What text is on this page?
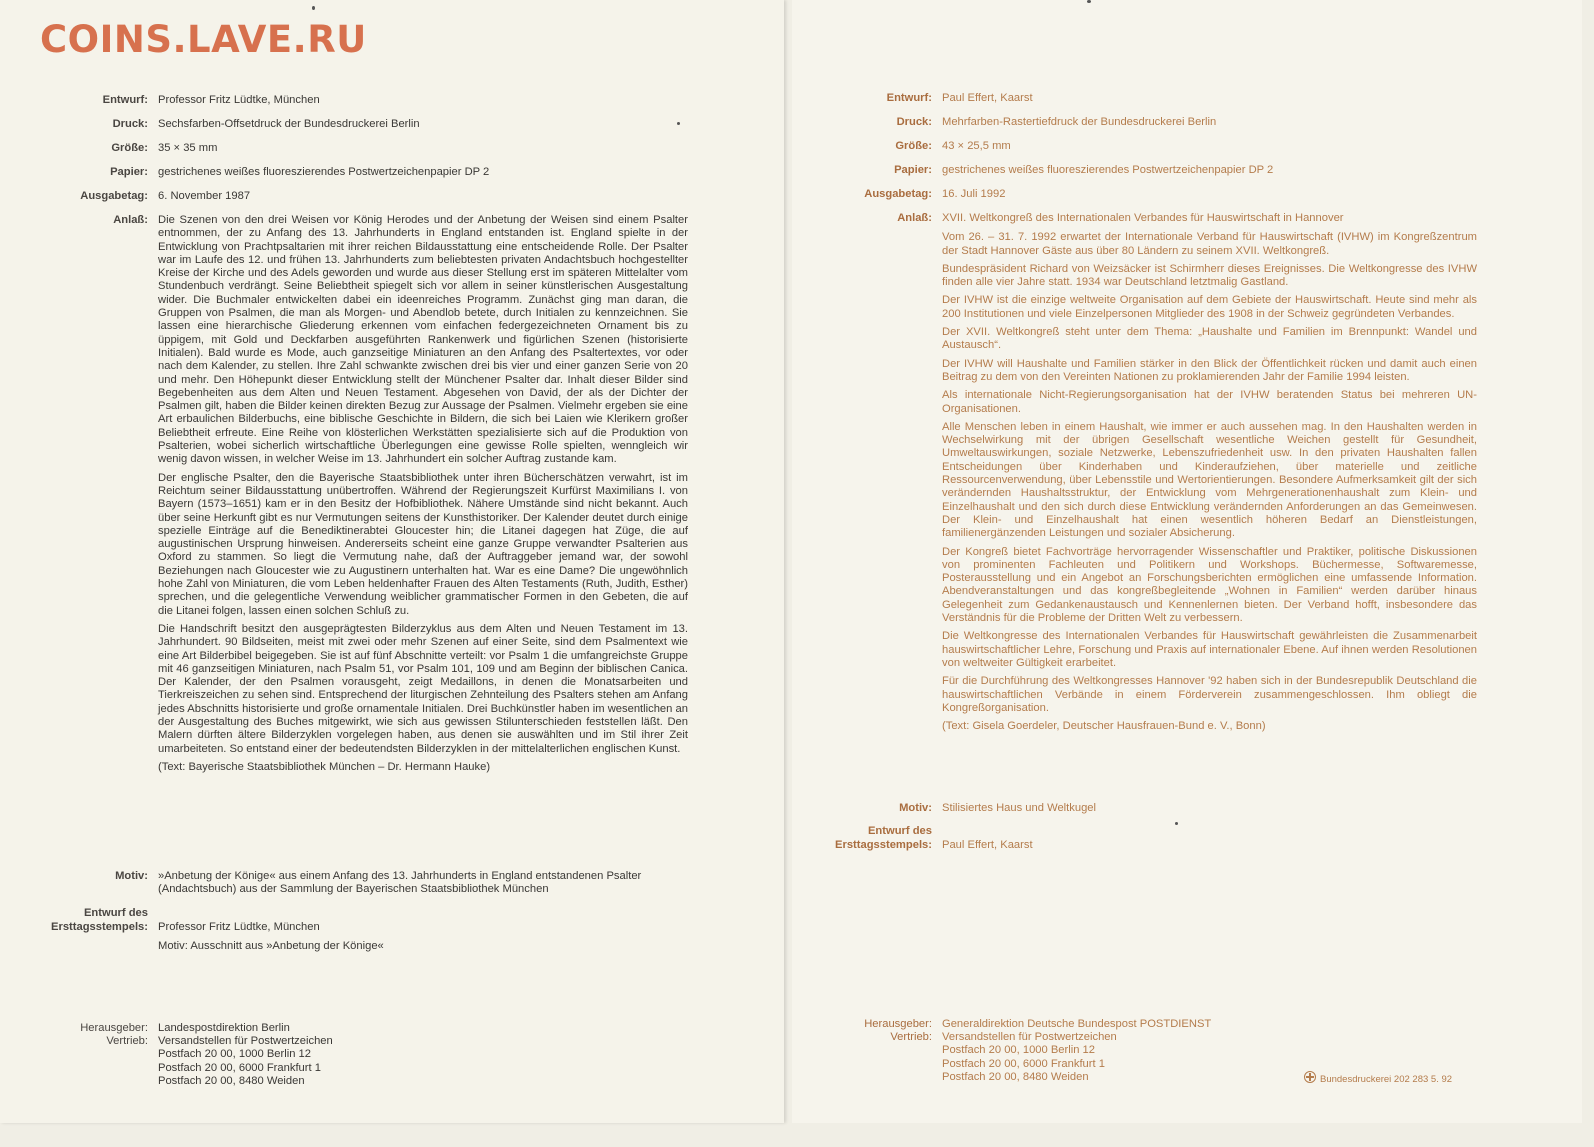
COINS.LAVE.RU
Entwurf: Professor Fritz Lüdtke, München
Druck: Sechsfarben-Offsetdruck der Bundesdruckerei Berlin
Größe: 35 × 35 mm
Papier: gestrichenes weißes fluoreszierendes Postwertzeichenpapier DP 2
Ausgabetag: 6. November 1987
Anlaß: Die Szenen von den drei Weisen vor König Herodes und der Anbetung der Weisen sind einem Psalter entnommen, der zu Anfang des 13. Jahrhunderts in England entstanden ist. England spielte in der Entwicklung von Prachtpsaltarien mit ihrer reichen Bildausstattung eine entscheidende Rolle. Der Psalter war im Laufe des 12. und frühen 13. Jahrhunderts zum beliebtesten privaten Andachtsbuch hochgestellter Kreise der Kirche und des Adels geworden und wurde aus dieser Stellung erst im späteren Mittelalter vom Stundenbuch verdrängt. Seine Beliebtheit spiegelt sich vor allem in seiner künstlerischen Ausgestaltung wider. Die Buchmaler entwickelten dabei ein ideenreiches Programm. Zunächst ging man daran, die Gruppen von Psalmen, die man als Morgen- und Abendlob betete, durch Initialen zu kennzeichnen. Sie lassen eine hierarchische Gliederung erkennen vom einfachen federgezeichneten Ornament bis zu üppigem, mit Gold und Deckfarben ausgeführten Rankenwerk und figürlichen Szenen (historisierte Initialen). Bald wurde es Mode, auch ganzseitige Miniaturen an den Anfang des Psaltertextes, vor oder nach dem Kalender, zu stellen. Ihre Zahl schwankte zwischen drei bis vier und einer ganzen Serie von 20 und mehr. Den Höhepunkt dieser Entwicklung stellt der Münchener Psalter dar. Inhalt dieser Bilder sind Begebenheiten aus dem Alten und Neuen Testament. Abgesehen von David, der als der Dichter der Psalmen gilt, haben die Bilder keinen direkten Bezug zur Aussage der Psalmen. Vielmehr ergeben sie eine Art erbaulichen Bilderbuchs, eine biblische Geschichte in Bildern, die sich bei Laien wie Klerikern großer Beliebtheit erfreute. Eine Reihe von klösterlichen Werkstätten spezialisierte sich auf die Produktion von Psalterien, wobei sicherlich wirtschaftliche Überlegungen eine gewisse Rolle spielten, wenngleich wir wenig davon wissen, in welcher Weise im 13. Jahrhundert ein solcher Auftrag zustande kam.

Der englische Psalter, den die Bayerische Staatsbibliothek unter ihren Bücherschätzen verwahrt, ist im Reichtum seiner Bildausstattung unübertroffen. Während der Regierungszeit Kurfürst Maximilians I. von Bayern (1573–1651) kam er in den Besitz der Hofbibliothek. Nähere Umstände sind nicht bekannt. Auch über seine Herkunft gibt es nur Vermutungen seitens der Kunsthistoriker. Der Kalender deutet durch einige spezielle Einträge auf die Benediktinerabtei Gloucester hin; die Litanei dagegen hat Züge, die auf augustinischen Ursprung hinweisen. Andererseits scheint eine ganze Gruppe verwandter Psalterien aus Oxford zu stammen. So liegt die Vermutung nahe, daß der Auftraggeber jemand war, der sowohl Beziehungen nach Gloucester wie zu Augustinern unterhalten hat. War es eine Dame? Die ungewöhnlich hohe Zahl von Miniaturen, die vom Leben heldenhafter Frauen des Alten Testaments (Ruth, Judith, Esther) sprechen, und die gelegentliche Verwendung weiblicher grammatischer Formen in den Gebeten, die auf die Litanei folgen, lassen einen solchen Schluß zu.

Die Handschrift besitzt den ausgeprägtesten Bilderzyklus aus dem Alten und Neuen Testament im 13. Jahrhundert. 90 Bildseiten, meist mit zwei oder mehr Szenen auf einer Seite, sind dem Psalmentext wie eine Art Bilderbibel beigegeben. Sie ist auf fünf Abschnitte verteilt: vor Psalm 1 die umfangreichste Gruppe mit 46 ganzseitigen Miniaturen, nach Psalm 51, vor Psalm 101, 109 und am Beginn der biblischen Canica. Der Kalender, der den Psalmen vorausgeht, zeigt Medaillons, in denen die Monatsarbeiten und Tierkreiszeichen zu sehen sind. Entsprechend der liturgischen Zehnteilung des Psalters stehen am Anfang jedes Abschnitts historisierte und große ornamentale Initialen. Drei Buchkünstler haben im wesentlichen an der Ausgestaltung des Buches mitgewirkt, wie sich aus gewissen Stilunterschieden feststellen läßt. Den Malern dürften ältere Bilderzyklen vorgelegen haben, aus denen sie auswählten und im Stil ihrer Zeit umarbeiteten. So entstand einer der bedeutendsten Bilderzyklen in der mittelalterlichen englischen Kunst.

(Text: Bayerische Staatsbibliothek München – Dr. Hermann Hauke)

Motiv: »Anbetung der Könige« aus einem Anfang des 13. Jahrhunderts in England entstandenen Psalter (Andachtsbuch) aus der Sammlung der Bayerischen Staatsbibliothek München
Entwurf des
Ersttagsstempels: Professor Fritz Lüdtke, München
Motiv: Ausschnitt aus »Anbetung der Könige«
Herausgeber: Landespostdirektion Berlin
Vertrieb: Versandstellen für Postwertzeichen
Postfach 20 00, 1000 Berlin 12
Postfach 20 00, 6000 Frankfurt 1
Postfach 20 00, 8480 Weiden
Entwurf: Paul Effert, Kaarst
Druck: Mehrfarben-Rastertiefdruck der Bundesdruckerei Berlin
Größe: 43 × 25,5 mm
Papier: gestrichenes weißes fluoreszierendes Postwertzeichenpapier DP 2
Ausgabetag: 16. Juli 1992
Anlaß: XVII. Weltkongreß des Internationalen Verbandes für Hauswirtschaft in Hannover

Vom 26. – 31. 7. 1992 erwartet der Internationale Verband für Hauswirtschaft (IVHW) im Kongreßzentrum der Stadt Hannover Gäste aus über 80 Ländern zu seinem XVII. Weltkongreß.

Bundespräsident Richard von Weizsäcker ist Schirmherr dieses Ereignisses. Die Weltkongresse des IVHW finden alle vier Jahre statt. 1934 war Deutschland letztmalig Gastland.

Der IVHW ist die einzige weltweite Organisation auf dem Gebiete der Hauswirtschaft. Heute sind mehr als 200 Institutionen und viele Einzelpersonen Mitglieder des 1908 in der Schweiz gegründeten Verbandes.

Der XVII. Weltkongreß steht unter dem Thema: „Haushalte und Familien im Brennpunkt: Wandel und Austausch“.

Der IVHW will Haushalte und Familien stärker in den Blick der Öffentlichkeit rücken und damit auch einen Beitrag zu dem von den Vereinten Nationen zu proklamierenden Jahr der Familie 1994 leisten.

Als internationale Nicht-Regierungsorganisation hat der IVHW beratenden Status bei mehreren UN-Organisationen.

Alle Menschen leben in einem Haushalt, wie immer er auch aussehen mag. In den Haushalten werden in Wechselwirkung mit der übrigen Gesellschaft wesentliche Weichen gestellt für Gesundheit, Umweltauswirkungen, soziale Netzwerke, Lebenszufriedenheit usw. In den privaten Haushalten fallen Entscheidungen über Kinderhaben und Kinderaufziehen, über materielle und zeitliche Ressourcenverwendung, über Lebensstile und Wertorientierungen. Besondere Aufmerksamkeit gilt der sich verändernden Haushaltsstruktur, der Entwicklung vom Mehrgenerationenhaushalt zum Klein- und Einzelhaushalt und den sich durch diese Entwicklung verändernden Anforderungen an das Gemeinwesen. Der Klein- und Einzelhaushalt hat einen wesentlich höheren Bedarf an Dienstleistungen, familienergänzenden Leistungen und sozialer Absicherung.

Der Kongreß bietet Fachvorträge hervorragender Wissenschaftler und Praktiker, politische Diskussionen von prominenten Fachleuten und Politikern und Workshops. Büchermesse, Softwaremesse, Posterausstellung und ein Angebot an Forschungsberichten ermöglichen eine umfassende Information. Abendveranstaltungen und das kongreßbegleitende „Wohnen in Familien“ werden darüber hinaus Gelegenheit zum Gedankenaustausch und Kennenlernen bieten. Der Verband hofft, insbesondere das Verständnis für die Probleme der Dritten Welt zu verbessern.

Die Weltkongresse des Internationalen Verbandes für Hauswirtschaft gewährleisten die Zusammenarbeit hauswirtschaftlicher Lehre, Forschung und Praxis auf internationaler Ebene. Auf ihnen werden Resolutionen von weltweiter Gültigkeit erarbeitet.

Für die Durchführung des Weltkongresses Hannover '92 haben sich in der Bundesrepublik Deutschland die hauswirtschaftlichen Verbände in einem Förderverein zusammengeschlossen. Ihm obliegt die Kongreßorganisation.

(Text: Gisela Goerdeler, Deutscher Hausfrauen-Bund e. V., Bonn)

Motiv: Stilisiertes Haus und Weltkugel
Entwurf des
Ersttagsstempels: Paul Effert, Kaarst
Herausgeber: Generaldirektion Deutsche Bundespost POSTDIENST
Vertrieb: Versandstellen für Postwertzeichen
Postfach 20 00, 1000 Berlin 12
Postfach 20 00, 6000 Frankfurt 1
Postfach 20 00, 8480 Weiden	Bundesdruckerei 202 283 5. 92
